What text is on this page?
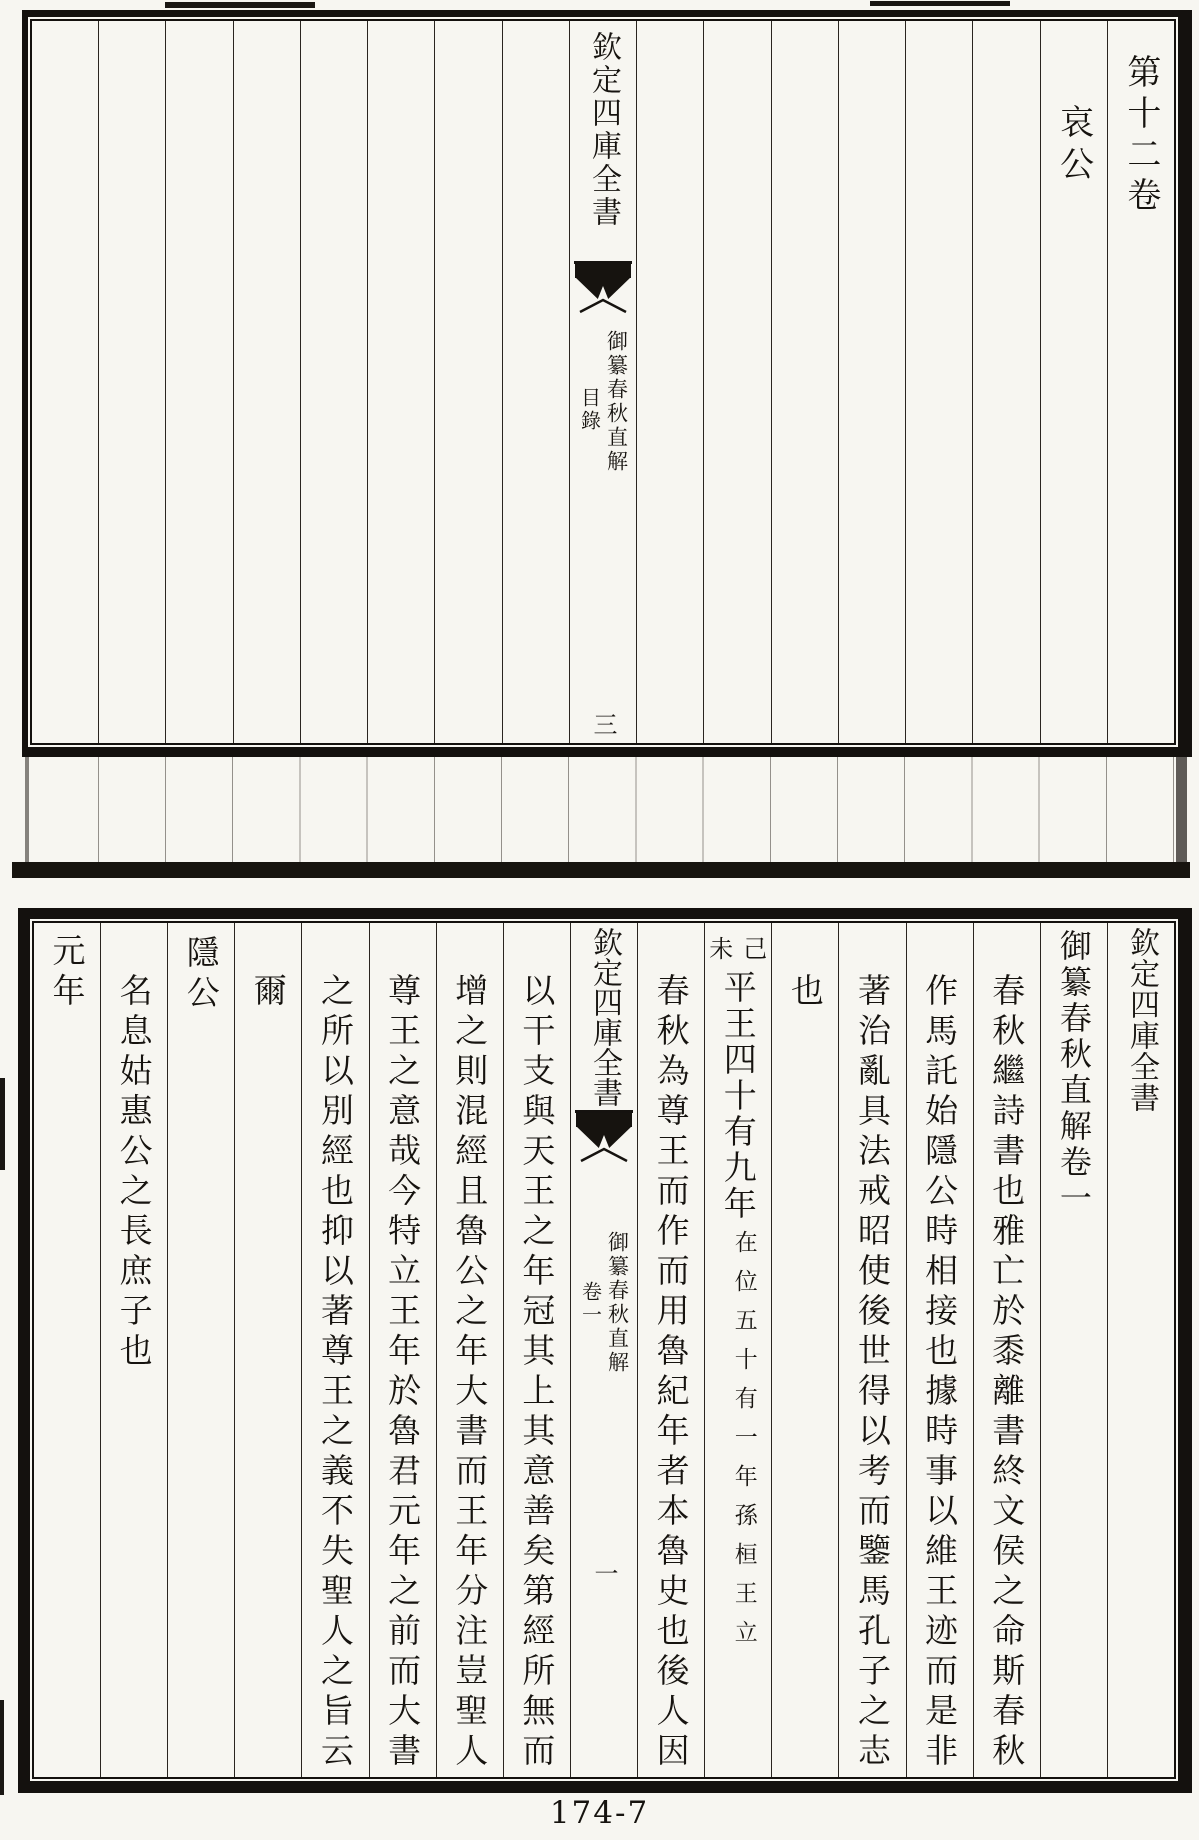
第十二卷
哀公
欽定四庫全書
御纂春秋直解
目錄
三
欽定四庫全書
御纂春秋直解卷一
春秋繼詩書也雅亡於黍離書終文侯之命斯春秋
作馬託始隱公時相接也據時事以維王迹而是非
著治亂具法戒昭使後世得以考而鑒馬孔子之志
也
己
未
平王四十有九年
在位五十有一年孫桓王立
春秋為尊王而作而用魯紀年者本魯史也後人因
欽定四庫全書
御纂春秋直解
卷一
一
以干支與天王之年冠其上其意善矣第經所無而
增之則混經且魯公之年大書而王年分注豈聖人
尊王之意哉今特立王年於魯君元年之前而大書
之所以別經也抑以著尊王之義不失聖人之旨云
爾
隱公
名息姑惠公之長庶子也
元年
174-7
